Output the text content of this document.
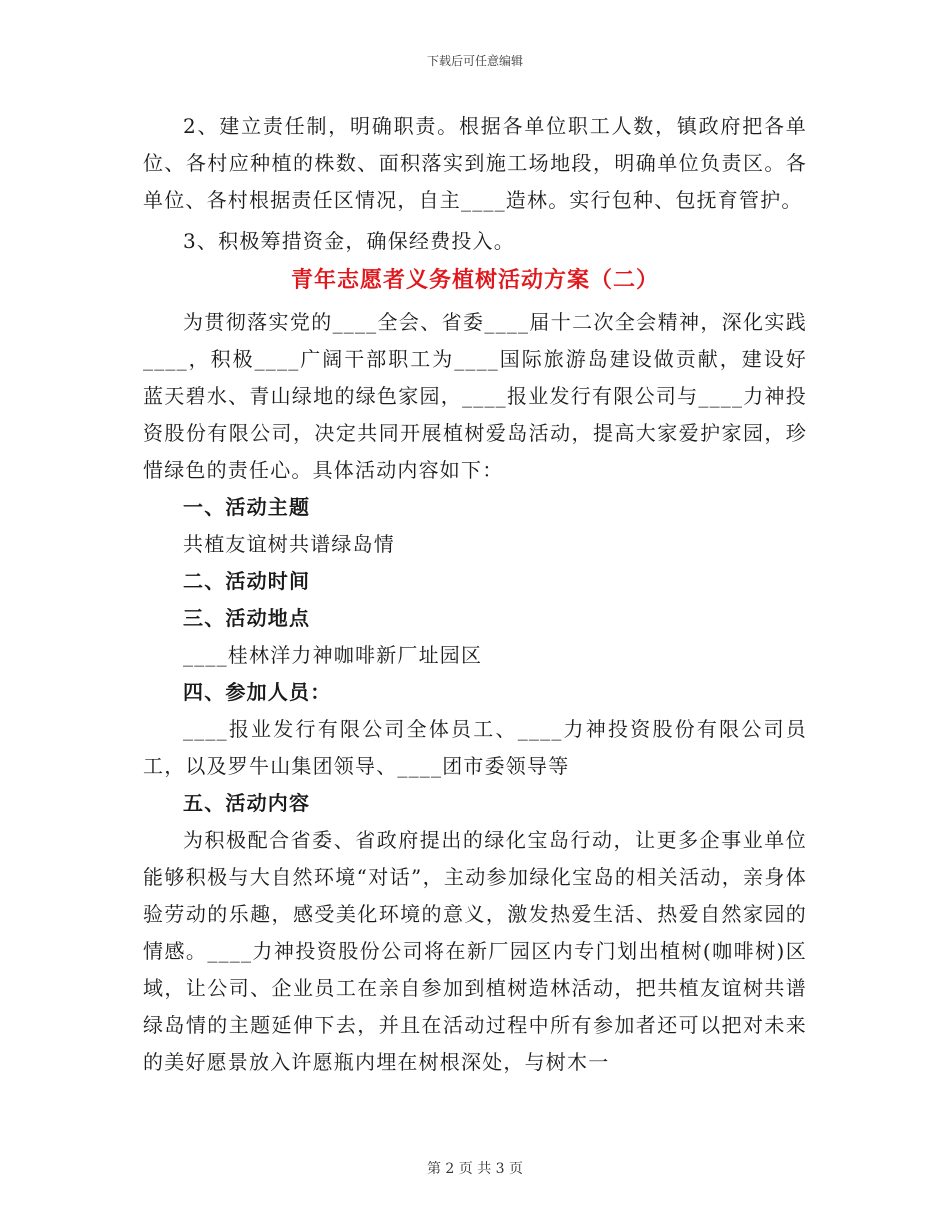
下载后可任意编辑

2、建立责任制，明确职责。根据各单位职工人数，镇政府把各单位、各村应种植的株数、面积落实到施工场地段，明确单位负责区。各单位、各村根据责任区情况，自主____造林。实行包种、包抚育管护。

3、积极筹措资金，确保经费投入。

青年志愿者义务植树活动方案（二）

为贯彻落实党的____全会、省委____届十二次全会精神，深化实践____，积极____广阔干部职工为____国际旅游岛建设做贡献，建设好蓝天碧水、青山绿地的绿色家园，____报业发行有限公司与____力神投资股份有限公司，决定共同开展植树爱岛活动，提高大家爱护家园，珍惜绿色的责任心。具体活动内容如下：

一、活动主题

共植友谊树共谱绿岛情

二、活动时间

三、活动地点

____桂林洋力神咖啡新厂址园区

四、参加人员：

____报业发行有限公司全体员工、____力神投资股份有限公司员工，以及罗牛山集团领导、____团市委领导等

五、活动内容

为积极配合省委、省政府提出的绿化宝岛行动，让更多企事业单位能够积极与大自然环境“对话”，主动参加绿化宝岛的相关活动，亲身体验劳动的乐趣，感受美化环境的意义，激发热爱生活、热爱自然家园的情感。____力神投资股份公司将在新厂园区内专门划出植树(咖啡树)区域，让公司、企业员工在亲自参加到植树造林活动，把共植友谊树共谱绿岛情的主题延伸下去，并且在活动过程中所有参加者还可以把对未来的美好愿景放入许愿瓶内埋在树根深处，与树木一

第 2 页 共 3 页
